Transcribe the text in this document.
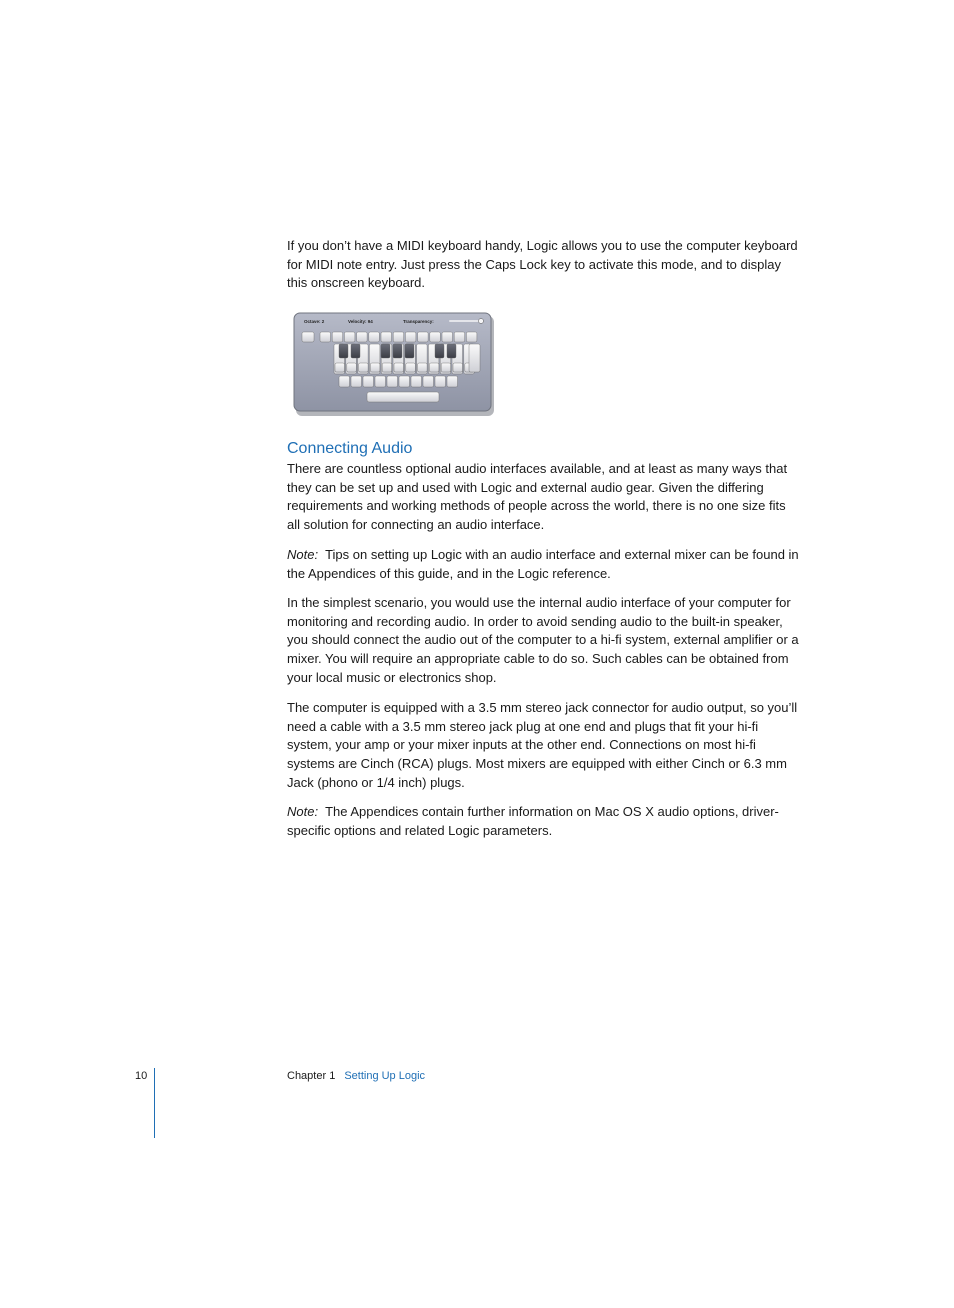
If you don’t have a MIDI keyboard handy, Logic allows you to use the computer keyboard for MIDI note entry. Just press the Caps Lock key to activate this mode, and to display this onscreen keyboard.

Octave: 2	Velocity: 94	Transparency:
Connecting Audio

There are countless optional audio interfaces available, and at least as many ways that they can be set up and used with Logic and external audio gear. Given the differing requirements and working methods of people across the world, there is no one size fits all solution for connecting an audio interface.

Note: Tips on setting up Logic with an audio interface and external mixer can be found in the Appendices of this guide, and in the Logic reference.

In the simplest scenario, you would use the internal audio interface of your computer for monitoring and recording audio. In order to avoid sending audio to the built-in speaker, you should connect the audio out of the computer to a hi-fi system, external amplifier or a mixer. You will require an appropriate cable to do so. Such cables can be obtained from your local music or electronics shop.

The computer is equipped with a 3.5 mm stereo jack connector for audio output, so you’ll need a cable with a 3.5 mm stereo jack plug at one end and plugs that fit your hi-fi system, your amp or your mixer inputs at the other end. Connections on most hi-fi systems are Cinch (RCA) plugs. Most mixers are equipped with either Cinch or 6.3 mm Jack (phono or 1/4 inch) plugs.

Note: The Appendices contain further information on Mac OS X audio options, driver-specific options and related Logic parameters.

10	Chapter 1 Setting Up Logic
